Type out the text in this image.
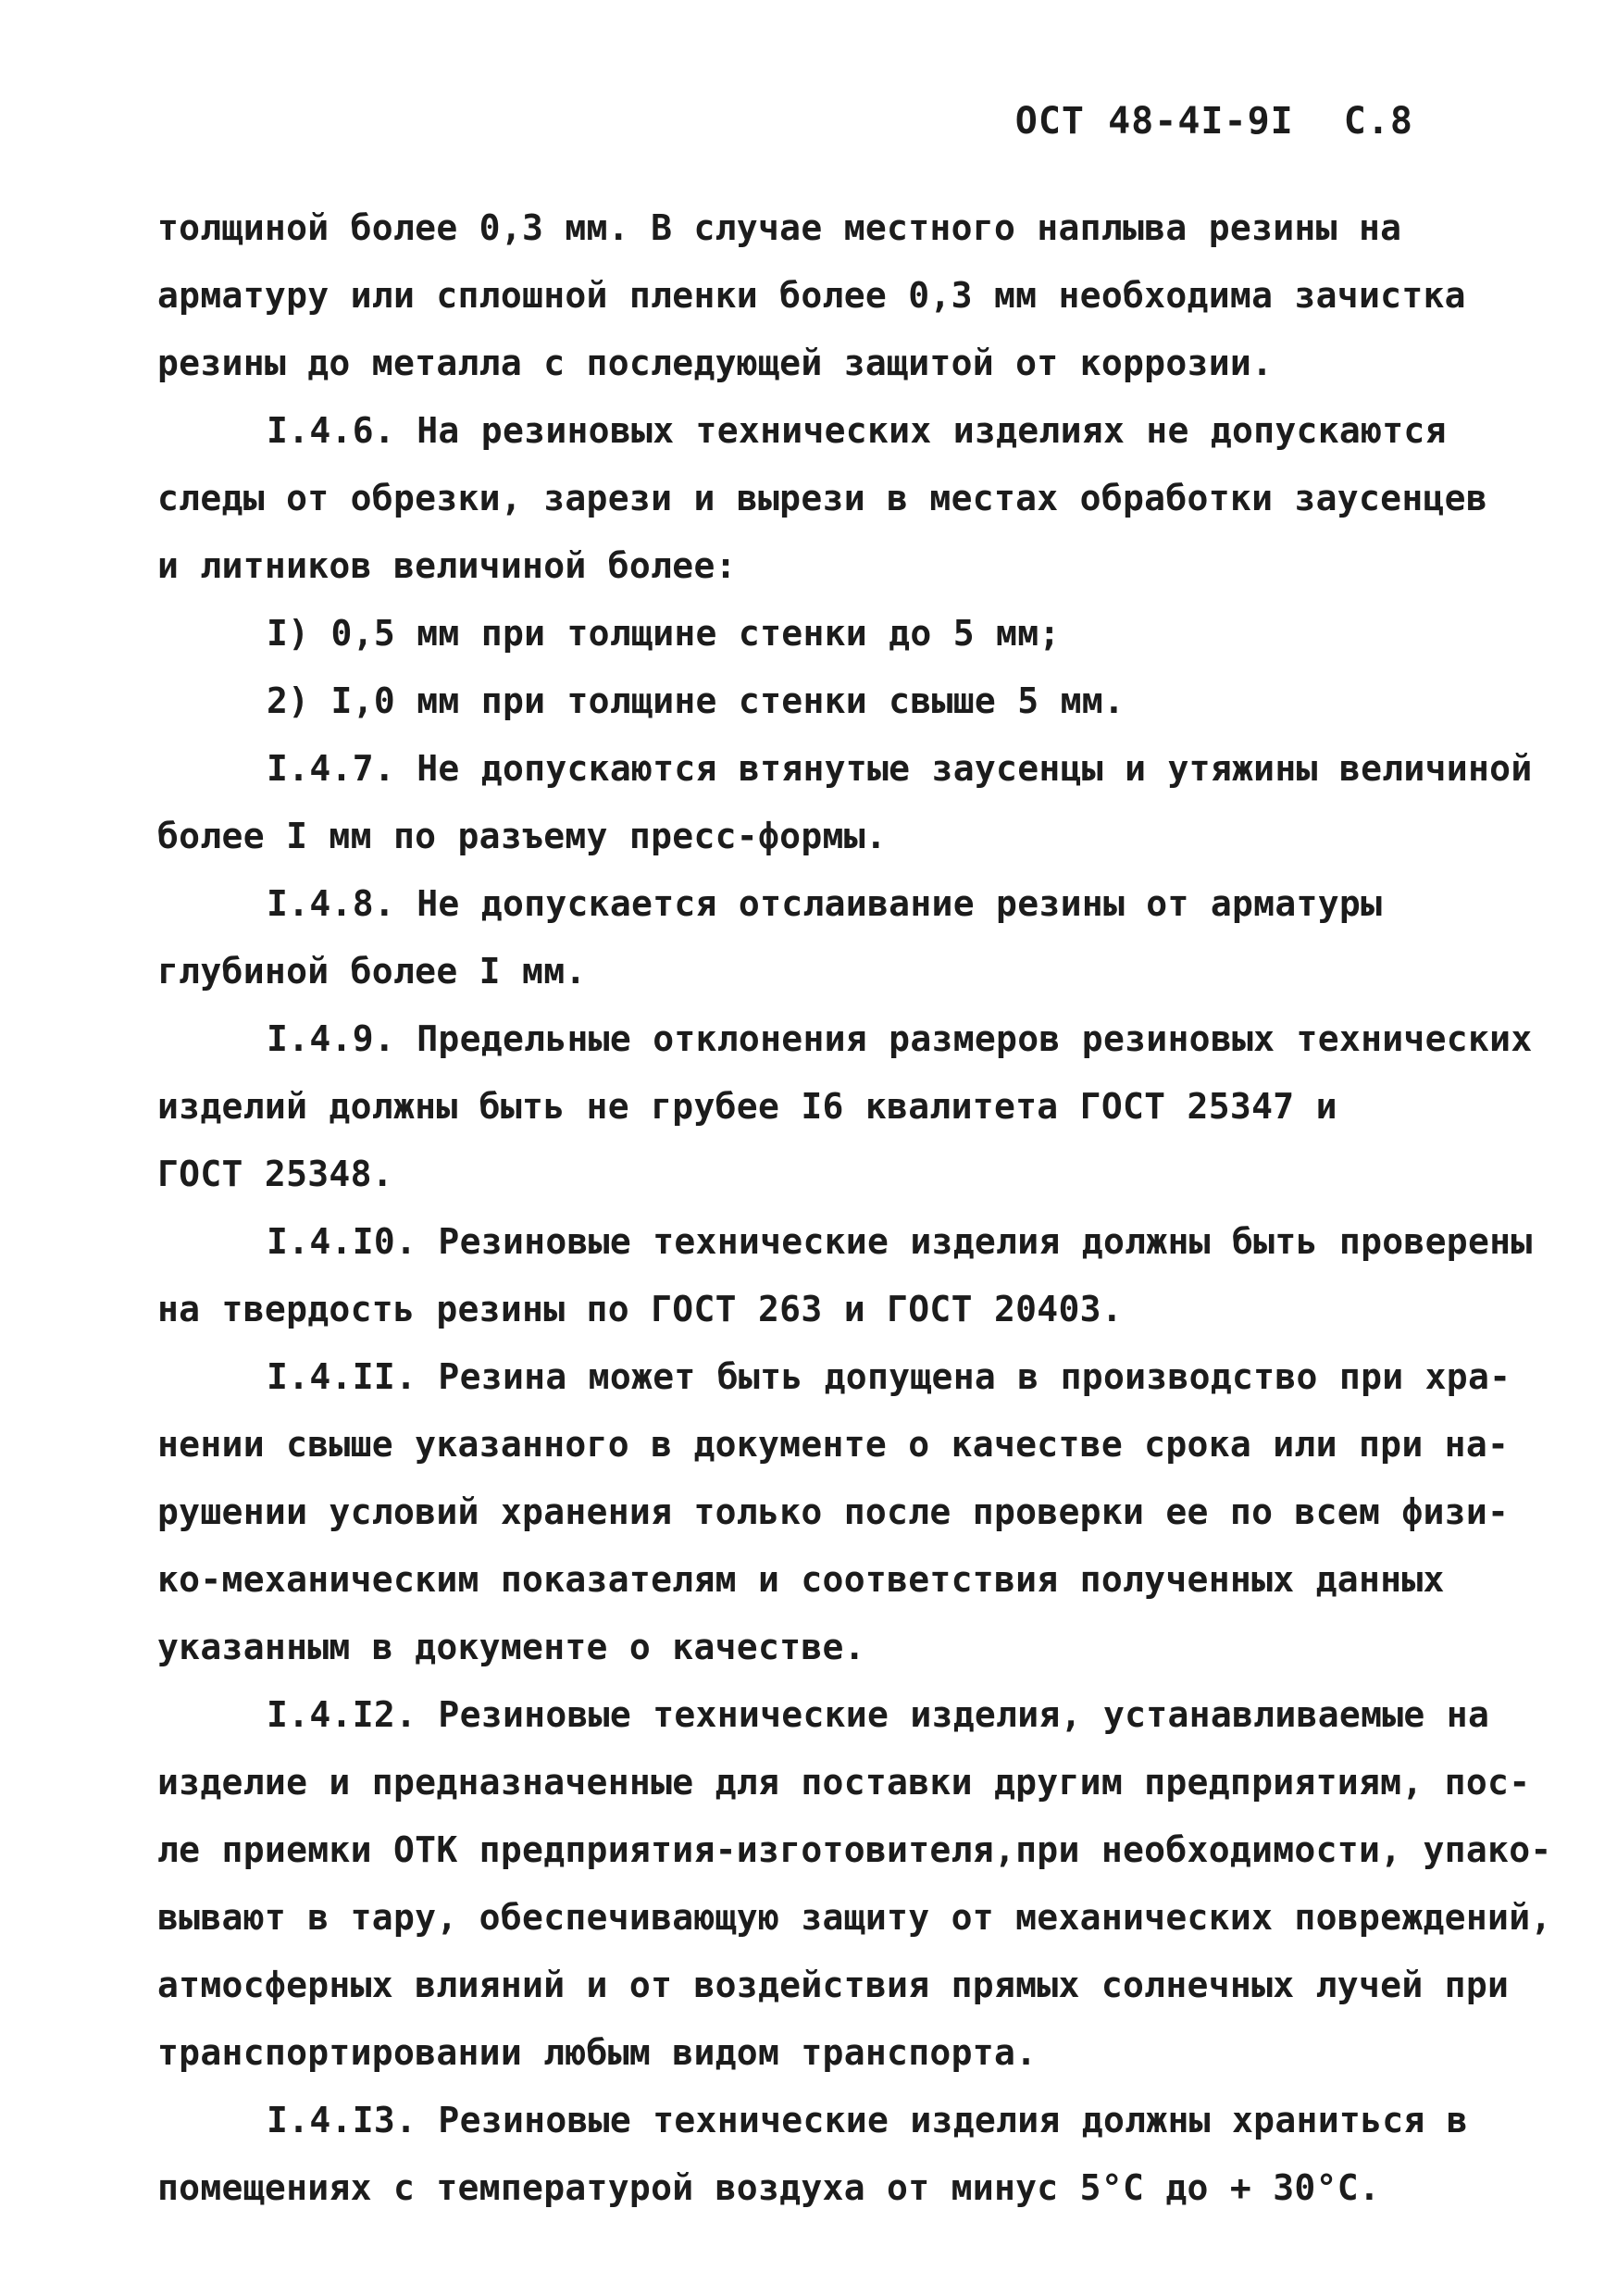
ОСТ 48-4I-9I С.8
толщиной более 0,3 мм. В случае местного наплыва резины на
арматуру или сплошной пленки более 0,3 мм необходима зачистка
резины до металла с последующей защитой от коррозии.
I.4.6. На резиновых технических изделиях не допускаются
следы от обрезки, зарези и вырези в местах обработки заусенцев
и литников величиной более:
I) 0,5 мм при толщине стенки до 5 мм;
2) I,0 мм при толщине стенки свыше 5 мм.
I.4.7. Не допускаются втянутые заусенцы и утяжины величиной
более I мм по разъему пресс-формы.
I.4.8. Не допускается отслаивание резины от арматуры
глубиной более I мм.
I.4.9. Предельные отклонения размеров резиновых технических
изделий должны быть не грубее I6 квалитета ГОСТ 25347 и
ГОСТ 25348.
I.4.I0. Резиновые технические изделия должны быть проверены
на твердость резины по ГОСТ 263 и ГОСТ 20403.
I.4.II. Резина может быть допущена в производство при хра-
нении свыше указанного в документе о качестве срока или при на-
рушении условий хранения только после проверки ее по всем физи-
ко-механическим показателям и соответствия полученных данных
указанным в документе о качестве.
I.4.I2. Резиновые технические изделия, устанавливаемые на
изделие и предназначенные для поставки другим предприятиям, пос-
ле приемки ОТК предприятия-изготовителя,при необходимости, упако-
вывают в тару, обеспечивающую защиту от механических повреждений,
атмосферных влияний и от воздействия прямых солнечных лучей при
транспортировании любым видом транспорта.
I.4.I3. Резиновые технические изделия должны храниться в
помещениях с температурой воздуха от минус 5°С до + 30°С.
